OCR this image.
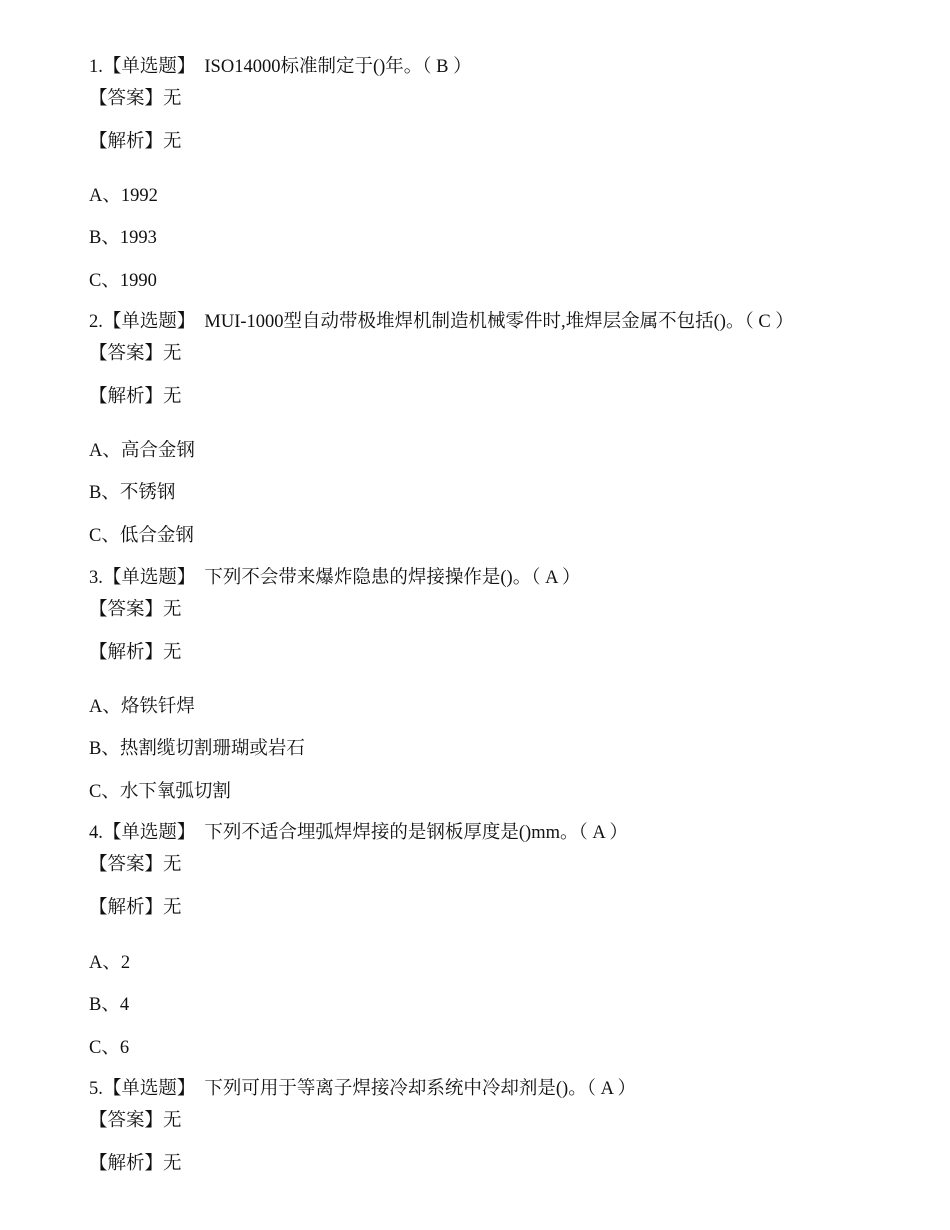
1.【单选题】 ISO14000标准制定于()年。（ B ）
【答案】无
【解析】无
A、1992
B、1993
C、1990
2.【单选题】 MUI-1000型自动带极堆焊机制造机械零件时,堆焊层金属不包括()。（ C ）
【答案】无
【解析】无
A、高合金钢
B、不锈钢
C、低合金钢
3.【单选题】 下列不会带来爆炸隐患的焊接操作是()。（ A ）
【答案】无
【解析】无
A、烙铁钎焊
B、热割缆切割珊瑚或岩石
C、水下氧弧切割
4.【单选题】 下列不适合埋弧焊焊接的是钢板厚度是()mm。（ A ）
【答案】无
【解析】无
A、2
B、4
C、6
5.【单选题】 下列可用于等离子焊接冷却系统中冷却剂是()。（ A ）
【答案】无
【解析】无
